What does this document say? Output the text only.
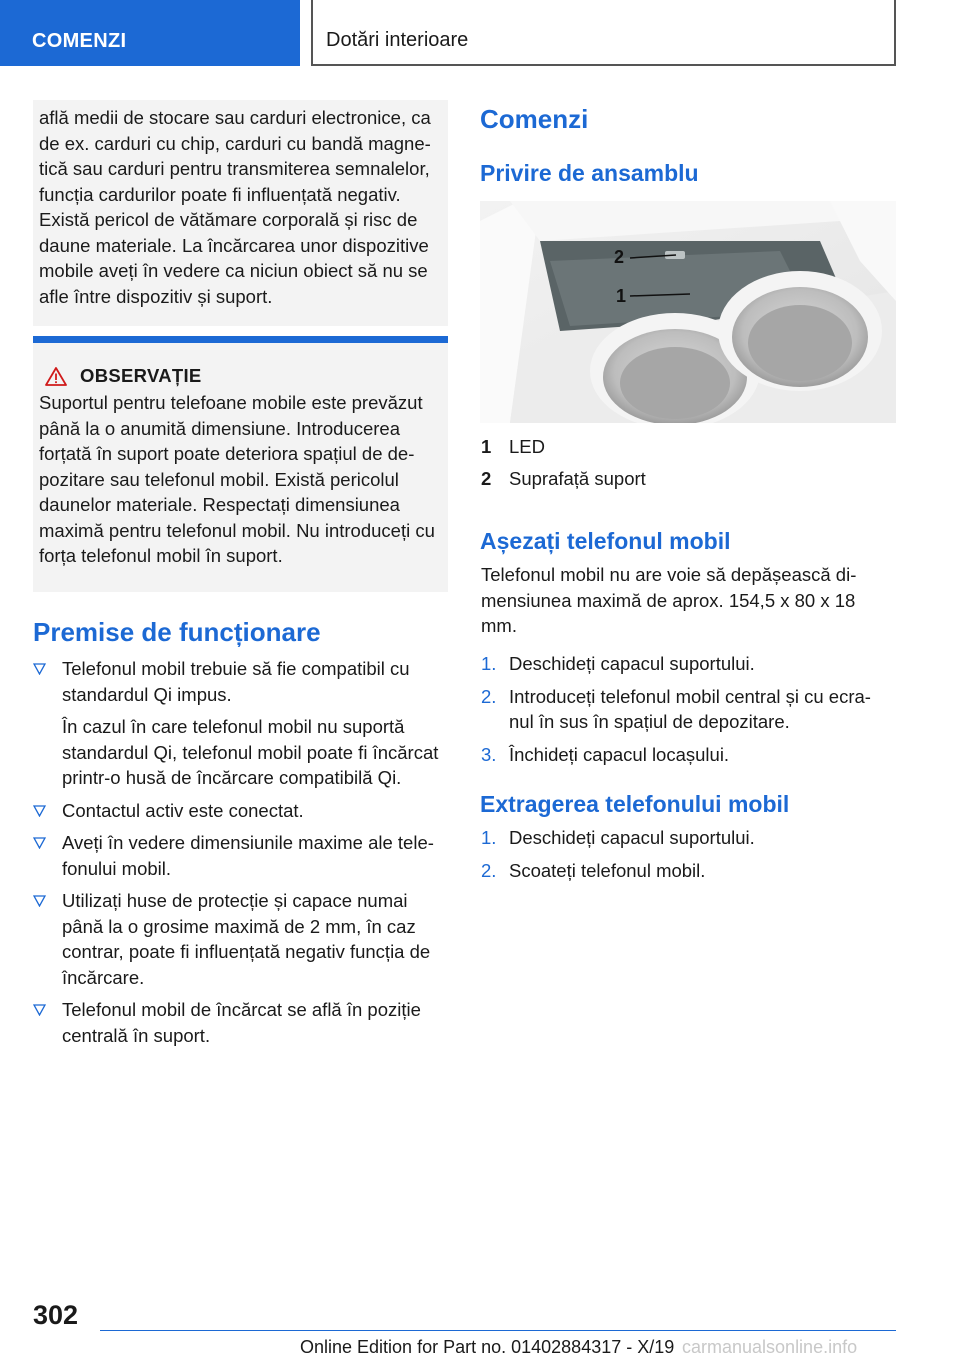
COMENZI	Dotări interioare

află medii de stocare sau carduri electronice, ca de ex. carduri cu chip, carduri cu bandă magne‐tică sau carduri pentru transmiterea semnalelor, funcția cardurilor poate fi influențată negativ. Există pericol de vătămare corporală și risc de daune materiale. La încărcarea unor dispozitive mobile aveți în vedere ca niciun obiect să nu se afle între dispozitiv și suport.

OBSERVAȚIE

Suportul pentru telefoane mobile este prevăzut până la o anumită dimensiune. Introducerea forțată în suport poate deteriora spațiul de de‐pozitare sau telefonul mobil. Există pericolul daunelor materiale. Respectați dimensiunea maximă pentru telefonul mobil. Nu introduceți cu forța telefonul mobil în suport.

Premise de funcționare
Telefonul mobil trebuie să fie compatibil cu standardul Qi impus.
În cazul în care telefonul mobil nu suportă standardul Qi, telefonul mobil poate fi încărcat printr-o husă de încărcare compatibilă Qi.
Contactul activ este conectat.
Aveți în vedere dimensiunile maxime ale tele‐fonului mobil.
Utilizați huse de protecție și capace numai până la o grosime maximă de 2 mm, în caz contrar, poate fi influențată negativ funcția de încărcare.
Telefonul mobil de încărcat se află în poziție centrală în suport.
Comenzi
Privire de ansamblu
2
1
1 LED
2 Suprafață suport
Așezați telefonul mobil
Telefonul mobil nu are voie să depășească di‐mensiunea maximă de aprox. 154,5 x 80 x 18 mm.
1. Deschideți capacul suportului.
2. Introduceți telefonul mobil central și cu ecra‐nul în sus în spațiul de depozitare.
3. Închideți capacul locașului.
Extragerea telefonului mobil
1. Deschideți capacul suportului.
2. Scoateți telefonul mobil.
302
Online Edition for Part no. 01402884317 - X/19 carmanualsonline.info
